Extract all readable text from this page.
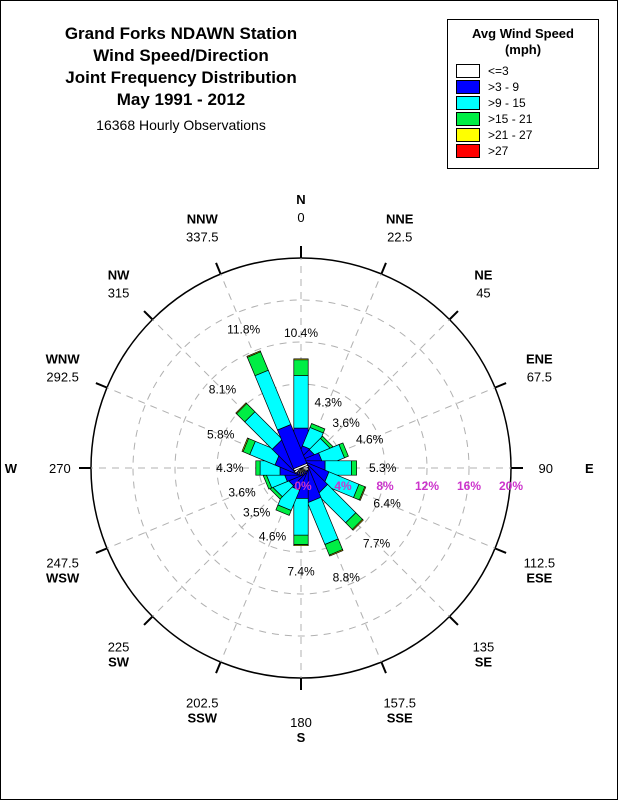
Grand Forks NDAWN Station
Wind Speed/Direction
Joint Frequency Distribution
May 1991 - 2012
16368 Hourly Observations
Avg Wind Speed
(mph)
<=3
>3 - 9
>9 - 15
>15 - 21
>21 - 27
>27
0% 4% 8% 12% 16% 20%
10.4%
4.3%
3.6%
4.6%
5.3%
6.4%
7.7%
8.8%
7.4%
4.6%
3.5%
3.6%
4.3%
5.8%
8.1%
11.8%
N
0	NNE
22.5
NE
45
ENE
67.5
E
90
ESE
112.5
SE
135
SSE
157.5
S
180
SSW
202.5
SW
225
WSW
247.5
W 270
WNW
292.5
NW
315
NNW
337.5
